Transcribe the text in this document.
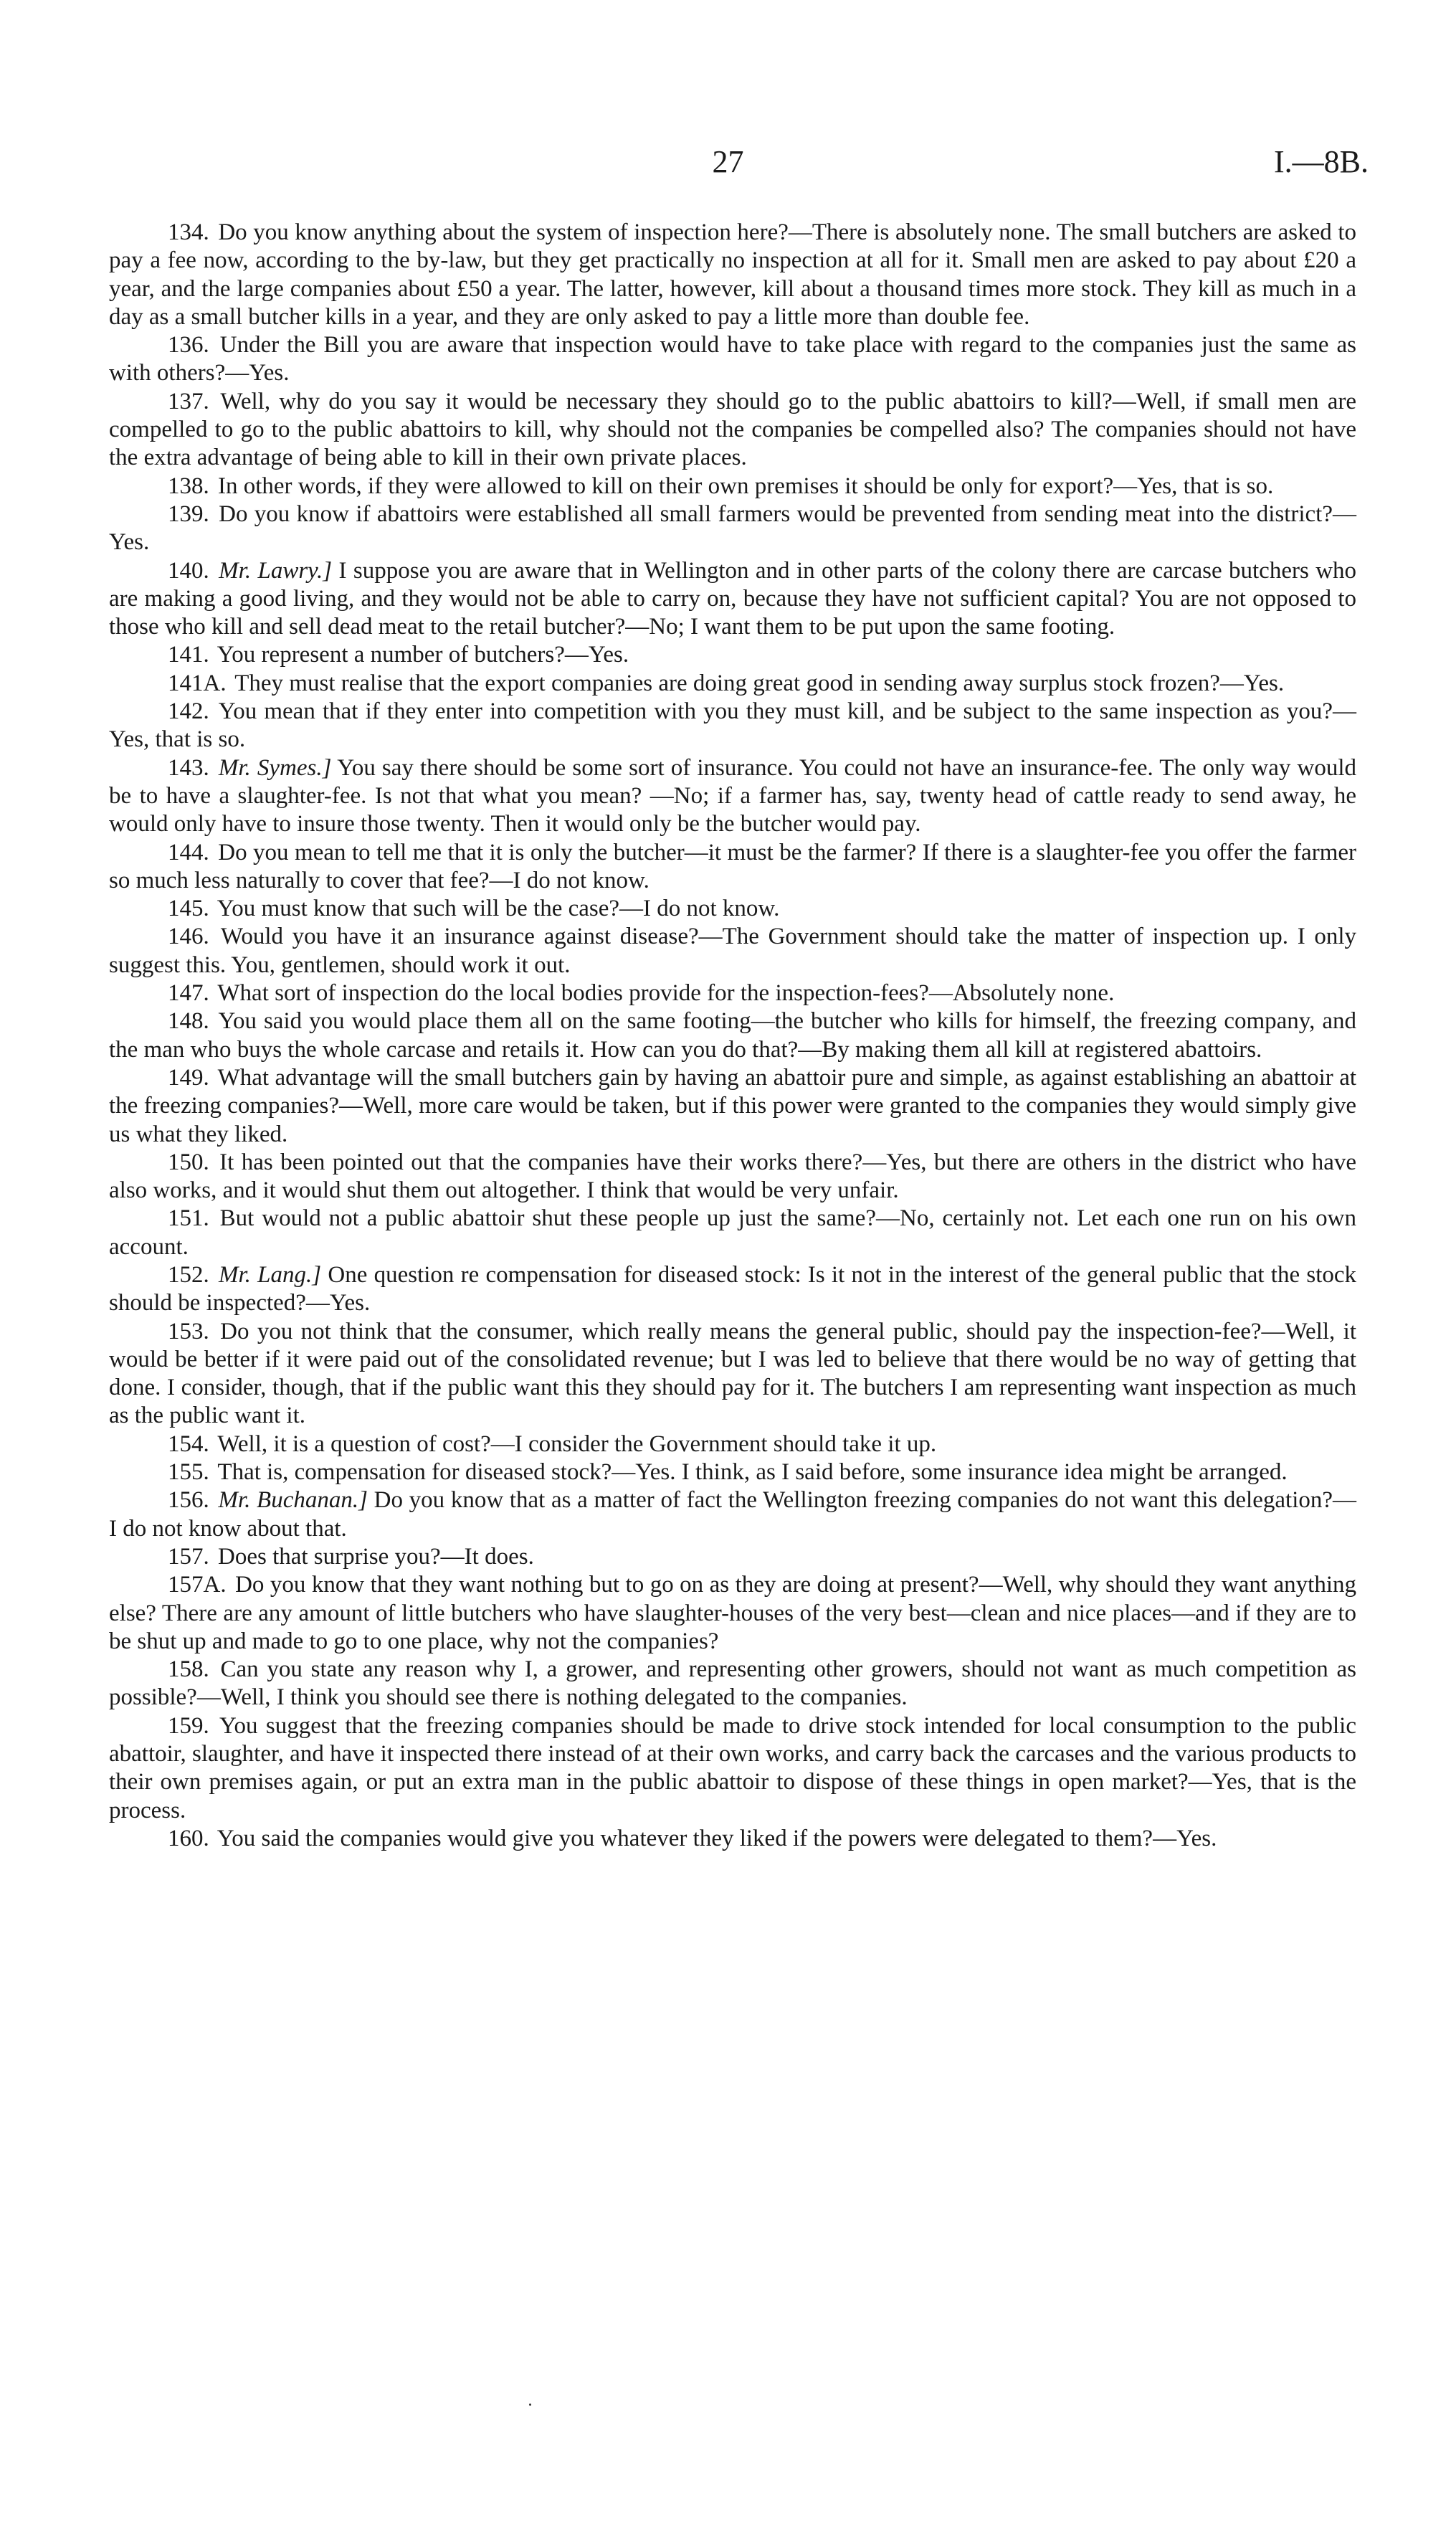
27	I.—8B.

134. Do you know anything about the system of inspection here?—There is absolutely none. The small butchers are asked to pay a fee now, according to the by-law, but they get practically no inspection at all for it. Small men are asked to pay about £20 a year, and the large companies about £50 a year. The latter, however, kill about a thousand times more stock. They kill as much in a day as a small butcher kills in a year, and they are only asked to pay a little more than double fee.

136. Under the Bill you are aware that inspection would have to take place with regard to the companies just the same as with others?—Yes.

137. Well, why do you say it would be necessary they should go to the public abattoirs to kill?—Well, if small men are compelled to go to the public abattoirs to kill, why should not the companies be compelled also? The companies should not have the extra advantage of being able to kill in their own private places.

138. In other words, if they were allowed to kill on their own premises it should be only for export?—Yes, that is so.

139. Do you know if abattoirs were established all small farmers would be prevented from sending meat into the district?—Yes.

140. Mr. Lawry.] I suppose you are aware that in Wellington and in other parts of the colony there are carcase butchers who are making a good living, and they would not be able to carry on, because they have not sufficient capital? You are not opposed to those who kill and sell dead meat to the retail butcher?—No; I want them to be put upon the same footing.

141. You represent a number of butchers?—Yes.

141A. They must realise that the export companies are doing great good in sending away surplus stock frozen?—Yes.

142. You mean that if they enter into competition with you they must kill, and be subject to the same inspection as you?—Yes, that is so.

143. Mr. Symes.] You say there should be some sort of insurance. You could not have an insurance-fee. The only way would be to have a slaughter-fee. Is not that what you mean? —No; if a farmer has, say, twenty head of cattle ready to send away, he would only have to insure those twenty. Then it would only be the butcher would pay.

144. Do you mean to tell me that it is only the butcher—it must be the farmer? If there is a slaughter-fee you offer the farmer so much less naturally to cover that fee?—I do not know.

145. You must know that such will be the case?—I do not know.

146. Would you have it an insurance against disease?—The Government should take the matter of inspection up. I only suggest this. You, gentlemen, should work it out.

147. What sort of inspection do the local bodies provide for the inspection-fees?—Absolutely none.

148. You said you would place them all on the same footing—the butcher who kills for himself, the freezing company, and the man who buys the whole carcase and retails it. How can you do that?—By making them all kill at registered abattoirs.

149. What advantage will the small butchers gain by having an abattoir pure and simple, as against establishing an abattoir at the freezing companies?—Well, more care would be taken, but if this power were granted to the companies they would simply give us what they liked.

150. It has been pointed out that the companies have their works there?—Yes, but there are others in the district who have also works, and it would shut them out altogether. I think that would be very unfair.

151. But would not a public abattoir shut these people up just the same?—No, certainly not. Let each one run on his own account.

152. Mr. Lang.] One question re compensation for diseased stock: Is it not in the interest of the general public that the stock should be inspected?—Yes.

153. Do you not think that the consumer, which really means the general public, should pay the inspection-fee?—Well, it would be better if it were paid out of the consolidated revenue; but I was led to believe that there would be no way of getting that done. I consider, though, that if the public want this they should pay for it. The butchers I am representing want inspection as much as the public want it.

154. Well, it is a question of cost?—I consider the Government should take it up.

155. That is, compensation for diseased stock?—Yes. I think, as I said before, some insurance idea might be arranged.

156. Mr. Buchanan.] Do you know that as a matter of fact the Wellington freezing companies do not want this delegation?—I do not know about that.

157. Does that surprise you?—It does.

157A. Do you know that they want nothing but to go on as they are doing at present?—Well, why should they want anything else? There are any amount of little butchers who have slaughter-houses of the very best—clean and nice places—and if they are to be shut up and made to go to one place, why not the companies?

158. Can you state any reason why I, a grower, and representing other growers, should not want as much competition as possible?—Well, I think you should see there is nothing delegated to the companies.

159. You suggest that the freezing companies should be made to drive stock intended for local consumption to the public abattoir, slaughter, and have it inspected there instead of at their own works, and carry back the carcases and the various products to their own premises again, or put an extra man in the public abattoir to dispose of these things in open market?—Yes, that is the process.

160. You said the companies would give you whatever they liked if the powers were delegated to them?—Yes.
